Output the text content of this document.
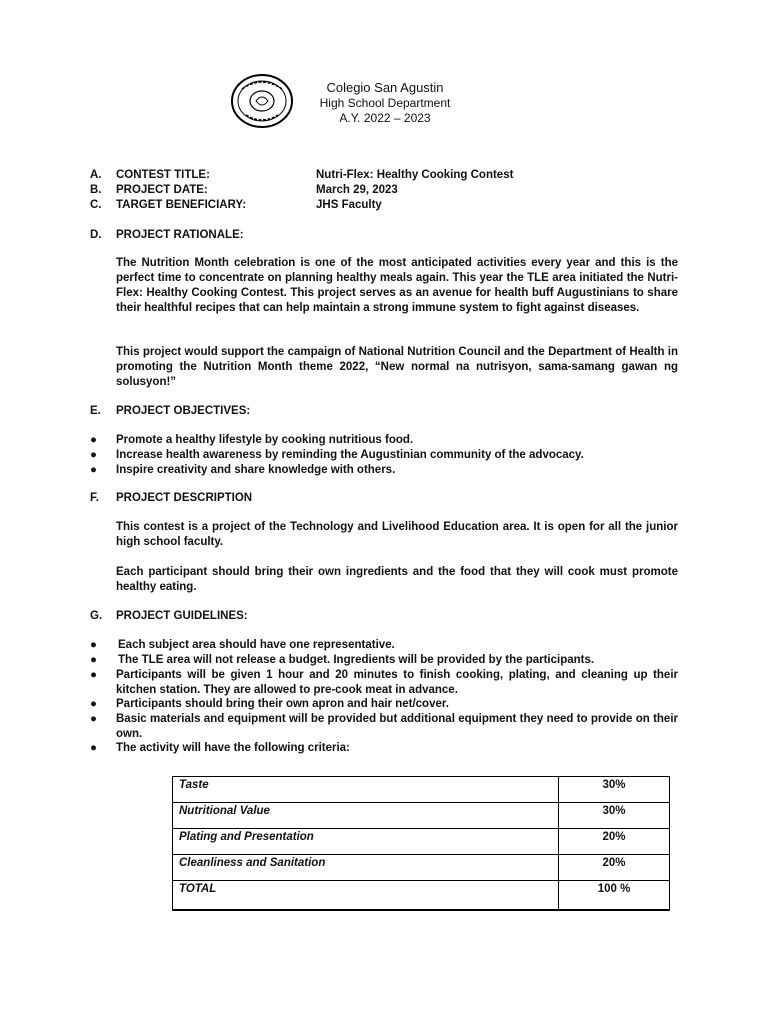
Colegio San Agustin
High School Department
A.Y. 2022 – 2023
A.	CONTEST TITLE:	Nutri-Flex: Healthy Cooking Contest
B.	PROJECT DATE:	March 29, 2023
C.	TARGET BENEFICIARY:	JHS Faculty
D.	PROJECT RATIONALE:
The Nutrition Month celebration is one of the most anticipated activities every year and this is the perfect time to concentrate on planning healthy meals again. This year the TLE area initiated the Nutri-Flex: Healthy Cooking Contest. This project serves as an avenue for health buff Augustinians to share their healthful recipes that can help maintain a strong immune system to fight against diseases.
This project would support the campaign of National Nutrition Council and the Department of Health in promoting the Nutrition Month theme 2022, “New normal na nutrisyon, sama-samang gawan ng solusyon!”
E.	PROJECT OBJECTIVES:
●	Promote a healthy lifestyle by cooking nutritious food.
●	Increase health awareness by reminding the Augustinian community of the advocacy.
●	Inspire creativity and share knowledge with others.
F.	PROJECT DESCRIPTION
This contest is a project of the Technology and Livelihood Education area. It is open for all the junior high school faculty.
Each participant should bring their own ingredients and the food that they will cook must promote healthy eating.
G.	PROJECT GUIDELINES:
●	Each subject area should have one representative.
●	The TLE area will not release a budget. Ingredients will be provided by the participants.
●	Participants will be given 1 hour and 20 minutes to finish cooking, plating, and cleaning up their kitchen station. They are allowed to pre-cook meat in advance.
●	Participants should bring their own apron and hair net/cover.
●	Basic materials and equipment will be provided but additional equipment they need to provide on their own.
●	The activity will have the following criteria:
Taste	30%
Nutritional Value	30%
Plating and Presentation	20%
Cleanliness and Sanitation	20%
TOTAL	100 %
